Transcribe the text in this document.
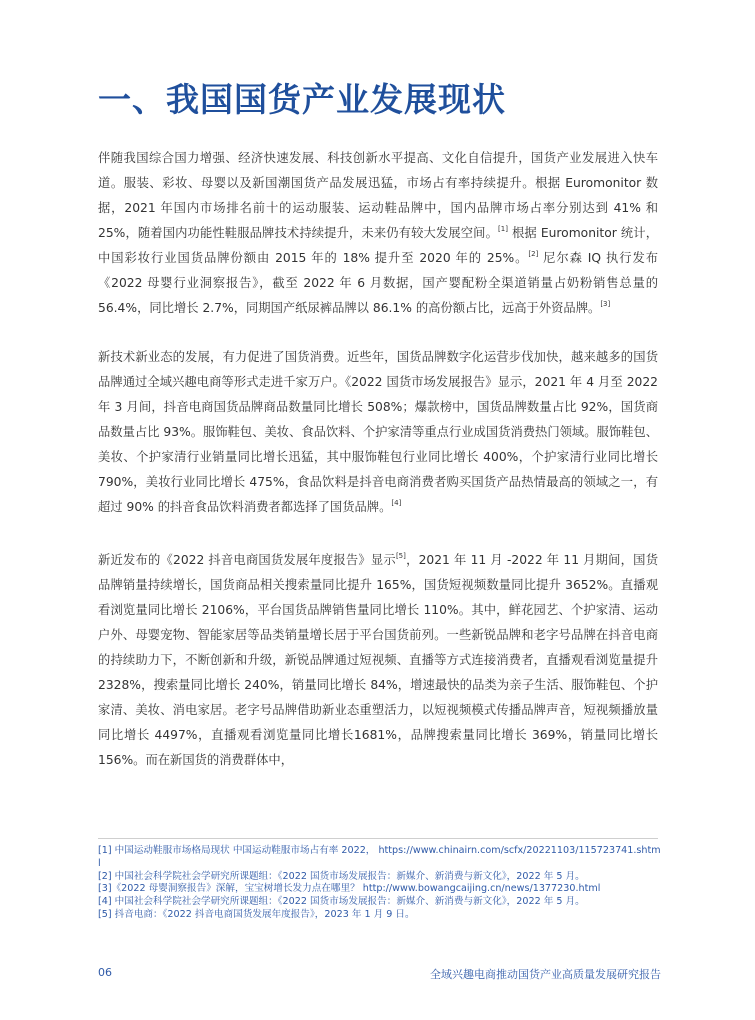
一、我国国货产业发展现状

伴随我国综合国力增强、经济快速发展、科技创新水平提高、文化自信提升，国货产业发展进入快车道。服装、彩妆、母婴以及新国潮国货产品发展迅猛，市场占有率持续提升。根据 Euromonitor 数据，2021 年国内市场排名前十的运动服装、运动鞋品牌中，国内品牌市场占率分别达到 41% 和 25%，随着国内功能性鞋服品牌技术持续提升，未来仍有较大发展空间。[1] 根据 Euromonitor 统计，中国彩妆行业国货品牌份额由 2015 年的 18% 提升至 2020 年的 25%。[2] 尼尔森 IQ 执行发布《2022 母婴行业洞察报告》，截至 2022 年 6 月数据，国产婴配粉全渠道销量占奶粉销售总量的 56.4%，同比增长 2.7%，同期国产纸尿裤品牌以 86.1% 的高份额占比，远高于外资品牌。[3]

新技术新业态的发展，有力促进了国货消费。近些年，国货品牌数字化运营步伐加快，越来越多的国货品牌通过全域兴趣电商等形式走进千家万户。《2022 国货市场发展报告》显示，2021 年 4 月至 2022 年 3 月间，抖音电商国货品牌商品数量同比增长 508%；爆款榜中，国货品牌数量占比 92%，国货商品数量占比 93%。服饰鞋包、美妆、食品饮料、个护家清等重点行业成国货消费热门领域。服饰鞋包、美妆、个护家清行业销量同比增长迅猛，其中服饰鞋包行业同比增长 400%，个护家清行业同比增长 790%，美妆行业同比增长 475%，食品饮料是抖音电商消费者购买国货产品热情最高的领域之一，有超过 90% 的抖音食品饮料消费者都选择了国货品牌。[4]

新近发布的《2022 抖音电商国货发展年度报告》显示[5]，2021 年 11 月 -2022 年 11 月期间，国货品牌销量持续增长，国货商品相关搜索量同比提升 165%，国货短视频数量同比提升 3652%。直播观看浏览量同比增长 2106%，平台国货品牌销售量同比增长 110%。其中，鲜花园艺、个护家清、运动户外、母婴宠物、智能家居等品类销量增长居于平台国货前列。一些新锐品牌和老字号品牌在抖音电商的持续助力下，不断创新和升级，新锐品牌通过短视频、直播等方式连接消费者，直播观看浏览量提升 2328%，搜索量同比增长 240%，销量同比增长 84%，增速最快的品类为亲子生活、服饰鞋包、个护家清、美妆、消电家居。老字号品牌借助新业态重塑活力，以短视频模式传播品牌声音，短视频播放量同比增长 4497%，直播观看浏览量同比增长1681%，品牌搜索量同比增长 369%，销量同比增长 156%。而在新国货的消费群体中，

[1] 中国运动鞋服市场格局现状 中国运动鞋服市场占有率 2022， https://www.chinairn.com/scfx/20221103/115723741.shtml
[2] 中国社会科学院社会学研究所课题组：《2022 国货市场发展报告：新媒介、新消费与新文化》，2022 年 5 月。
[3]《2022 母婴洞察报告》深解，宝宝树增长发力点在哪里？ http://www.bowangcaijing.cn/news/1377230.html
[4] 中国社会科学院社会学研究所课题组：《2022 国货市场发展报告：新媒介、新消费与新文化》，2022 年 5 月。
[5] 抖音电商：《2022 抖音电商国货发展年度报告》，2023 年 1 月 9 日。
06	全域兴趣电商推动国货产业高质量发展研究报告
